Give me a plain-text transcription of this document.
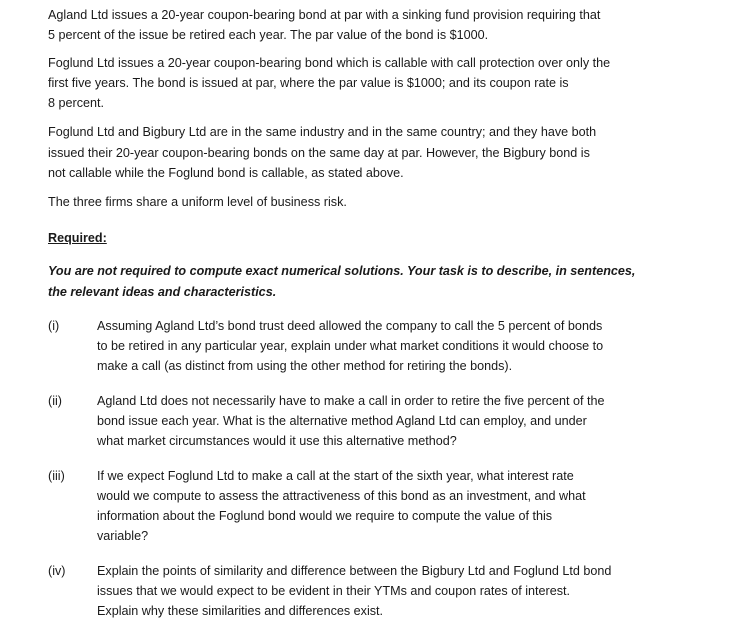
Agland Ltd issues a 20-year coupon-bearing bond at par with a sinking fund provision requiring that
5 percent of the issue be retired each year. The par value of the bond is $1000.
Foglund Ltd issues a 20-year coupon-bearing bond which is callable with call protection over only the
first five years. The bond is issued at par, where the par value is $1000; and its coupon rate is
8 percent.
Foglund Ltd and Bigbury Ltd are in the same industry and in the same country; and they have both
issued their 20-year coupon-bearing bonds on the same day at par. However, the Bigbury bond is
not callable while the Foglund bond is callable, as stated above.
The three firms share a uniform level of business risk.
Required:
You are not required to compute exact numerical solutions. Your task is to describe, in sentences,
the relevant ideas and characteristics.
(i)	Assuming Agland Ltd’s bond trust deed allowed the company to call the 5 percent of bonds
to be retired in any particular year, explain under what market conditions it would choose to
make a call (as distinct from using the other method for retiring the bonds).
(ii)	Agland Ltd does not necessarily have to make a call in order to retire the five percent of the
bond issue each year. What is the alternative method Agland Ltd can employ, and under
what market circumstances would it use this alternative method?
(iii)	If we expect Foglund Ltd to make a call at the start of the sixth year, what interest rate
would we compute to assess the attractiveness of this bond as an investment, and what
information about the Foglund bond would we require to compute the value of this
variable?
(iv)	Explain the points of similarity and difference between the Bigbury Ltd and Foglund Ltd bond
issues that we would expect to be evident in their YTMs and coupon rates of interest.
Explain why these similarities and differences exist.
